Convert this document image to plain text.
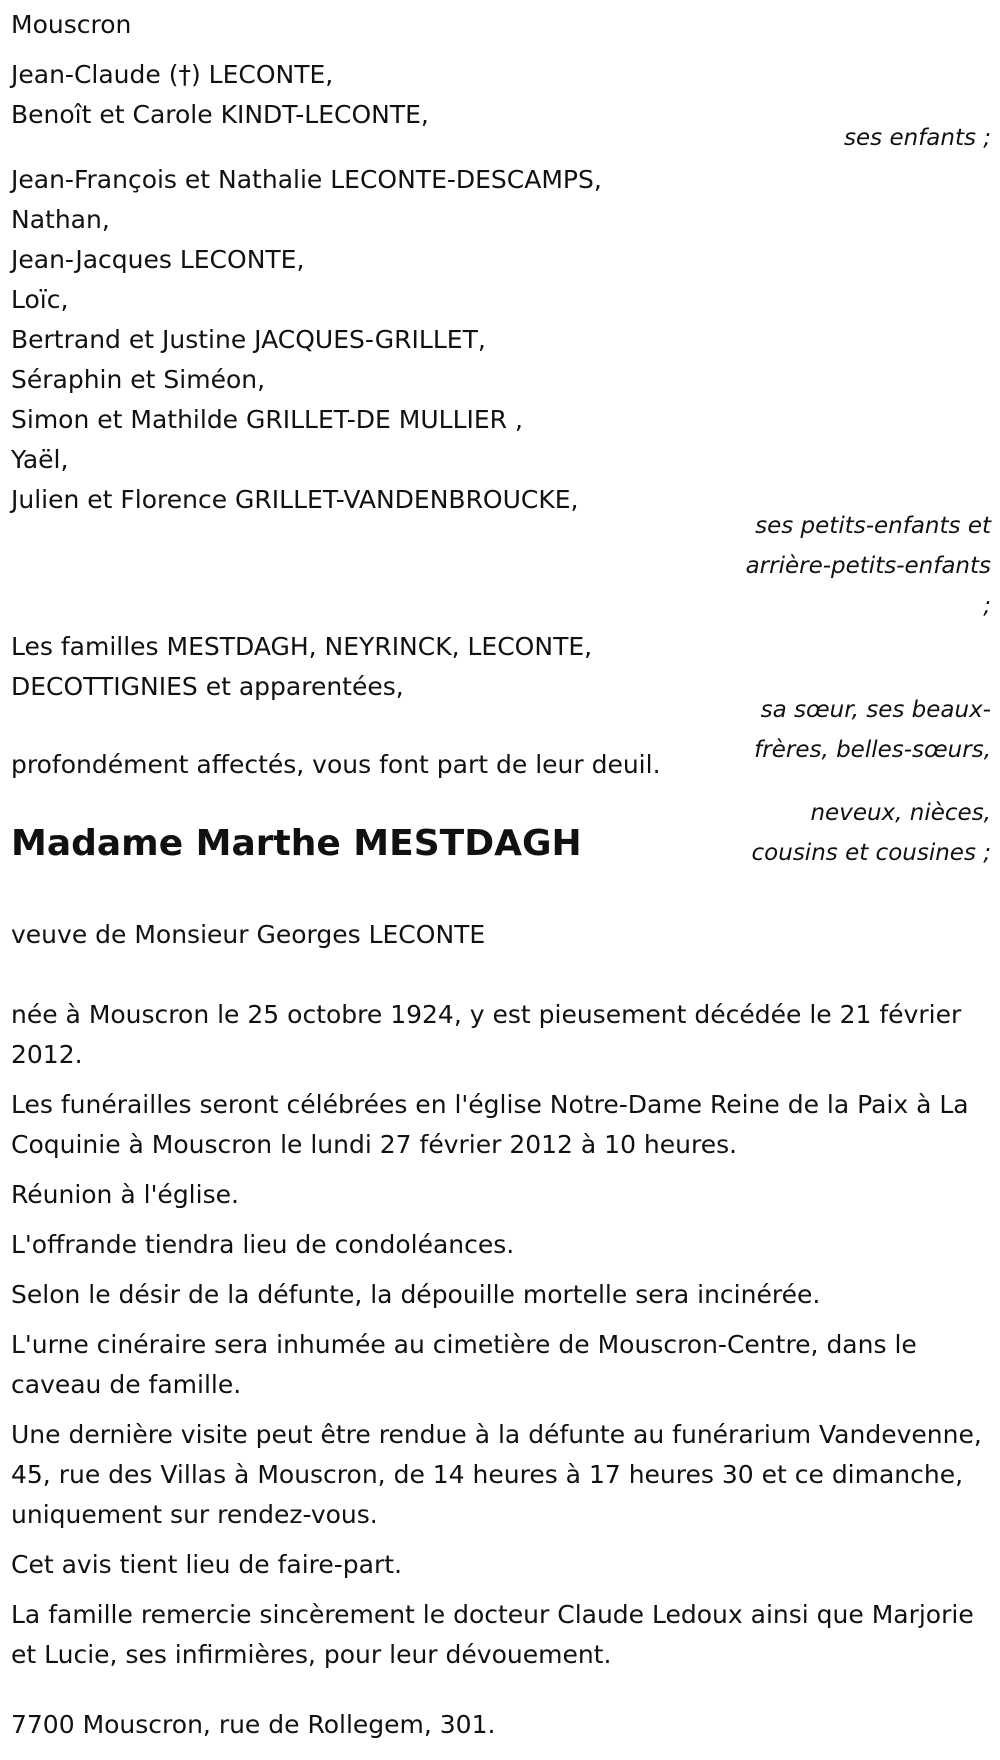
Mouscron
Jean-Claude (†) LECONTE,
Benoît et Carole KINDT-LECONTE,
ses enfants ;
Jean-François et Nathalie LECONTE-DESCAMPS,
Nathan,
Jean-Jacques LECONTE,
Loïc,
Bertrand et Justine JACQUES-GRILLET,
Séraphin et Siméon,
Simon et Mathilde GRILLET-DE MULLIER ,
Yaël,
Julien et Florence GRILLET-VANDENBROUCKE,
ses petits-enfants et arrière-petits-enfants ;
Les familles MESTDAGH, NEYRINCK, LECONTE,
DECOTTIGNIES et apparentées,
sa sœur, ses beaux-frères, belles-sœurs,
neveux, nièces, cousins et cousines ;
profondément affectés, vous font part de leur deuil.
Madame Marthe MESTDAGH
veuve de Monsieur Georges LECONTE
née à Mouscron le 25 octobre 1924, y est pieusement décédée le 21 février 2012.
Les funérailles seront célébrées en l'église Notre-Dame Reine de la Paix à La Coquinie à Mouscron le lundi 27 février 2012 à 10 heures.
Réunion à l'église.
L'offrande tiendra lieu de condoléances.
Selon le désir de la défunte, la dépouille mortelle sera incinérée.
L'urne cinéraire sera inhumée au cimetière de Mouscron-Centre, dans le caveau de famille.
Une dernière visite peut être rendue à la défunte au funérarium Vandevenne, 45, rue des Villas à Mouscron, de 14 heures à 17 heures 30 et ce dimanche, uniquement sur rendez-vous.
Cet avis tient lieu de faire-part.
La famille remercie sincèrement le docteur Claude Ledoux ainsi que Marjorie et Lucie, ses infirmières, pour leur dévouement.
7700 Mouscron, rue de Rollegem, 301.
